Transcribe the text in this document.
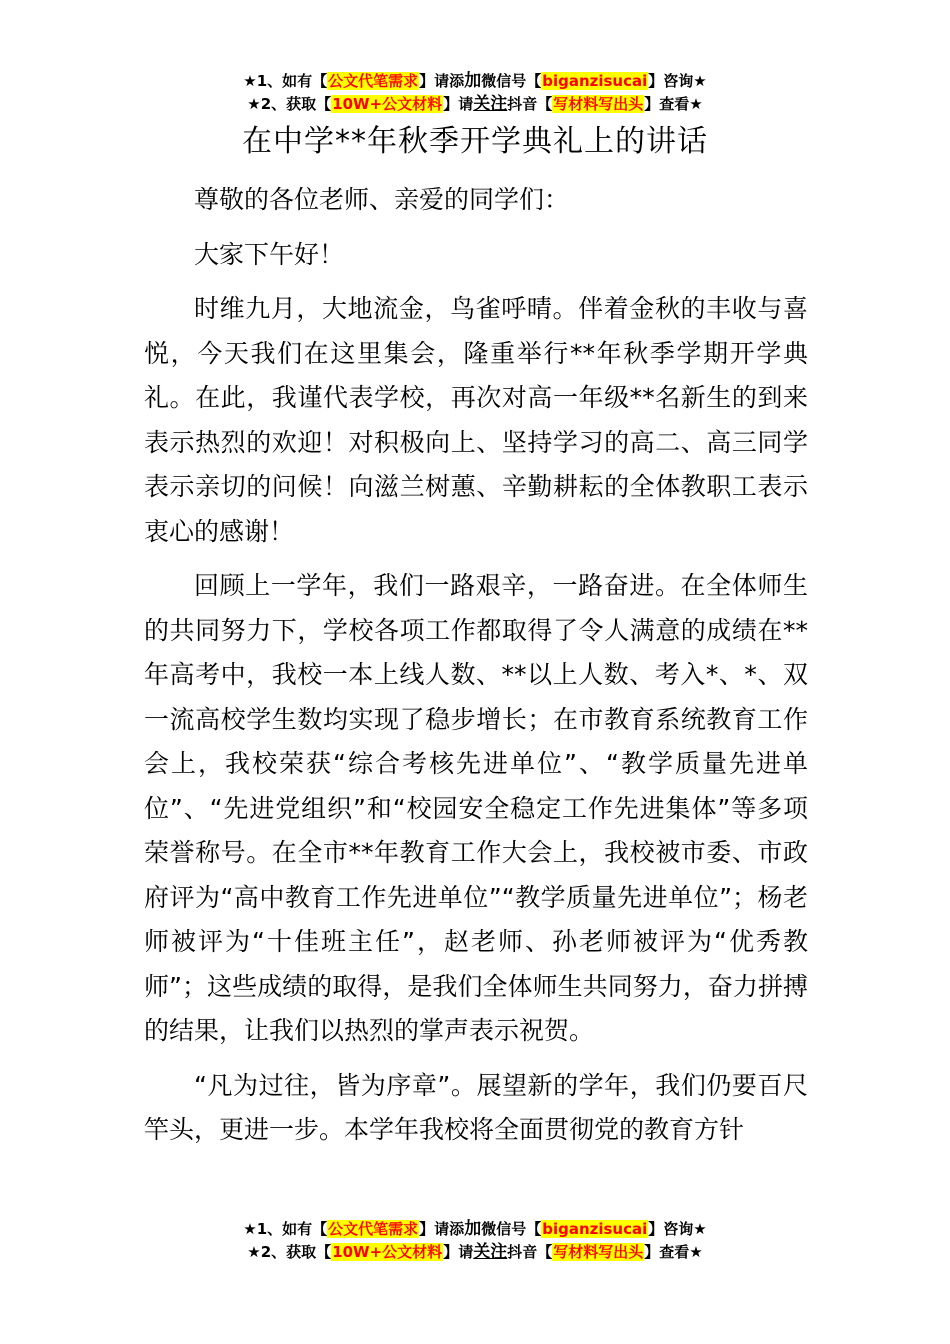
★1、如有【公文代笔需求】请添加微信号【biganzisucai】咨询★
★2、获取【10W+公文材料】请关注抖音【写材料写出头】查看★
在中学**年秋季开学典礼上的讲话

尊敬的各位老师、亲爱的同学们：

大家下午好！

时维九月，大地流金，鸟雀呼晴。伴着金秋的丰收与喜悦，今天我们在这里集会，隆重举行**年秋季学期开学典礼。在此，我谨代表学校，再次对高一年级**名新生的到来表示热烈的欢迎！对积极向上、坚持学习的高二、高三同学表示亲切的问候！向滋兰树蕙、辛勤耕耘的全体教职工表示衷心的感谢！

回顾上一学年，我们一路艰辛，一路奋进。在全体师生的共同努力下，学校各项工作都取得了令人满意的成绩在**年高考中，我校一本上线人数、**以上人数、考入*、*、双一流高校学生数均实现了稳步增长；在市教育系统教育工作会上，我校荣获“综合考核先进单位”、“教学质量先进单位”、“先进党组织”和“校园安全稳定工作先进集体”等多项荣誉称号。在全市**年教育工作大会上，我校被市委、市政府评为“高中教育工作先进单位”“教学质量先进单位”；杨老师被评为“十佳班主任”，赵老师、孙老师被评为“优秀教师”；这些成绩的取得，是我们全体师生共同努力，奋力拼搏的结果，让我们以热烈的掌声表示祝贺。

“凡为过往，皆为序章”。展望新的学年，我们仍要百尺竿头，更进一步。本学年我校将全面贯彻党的教育方针

★1、如有【公文代笔需求】请添加微信号【biganzisucai】咨询★
★2、获取【10W+公文材料】请关注抖音【写材料写出头】查看★
